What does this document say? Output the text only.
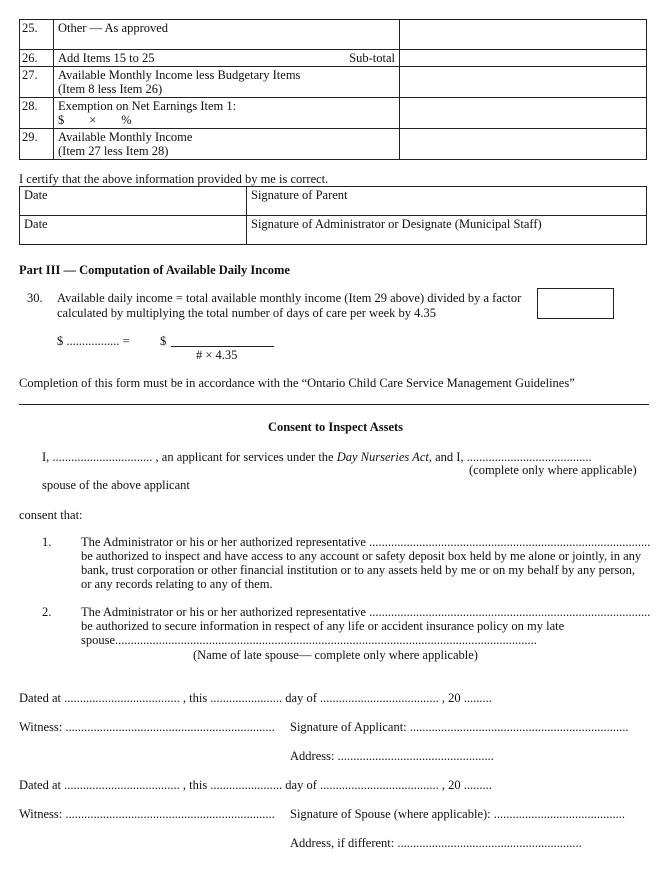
25.	Other — As approved	
26.	Add Items 15 to 25 Sub-total	

27.	Available Monthly Income less Budgetary Items
(Item 8 less Item 26)	

28.	Exemption on Net Earnings Item 1:
$        ×        %	

29.	Available Monthly Income
(Item 27 less Item 28)	

I certify that the above information provided by me is correct.
Date	Signature of Parent
Date	Signature of Administrator or Designate (Municipal Staff)
Part III — Computation of Available Daily Income
30. Available daily income = total available monthly income (Item 29 above) divided by a factor
calculated by multiplying the total number of days of care per week by 4.35
$ ................. = $
# × 4.35
Completion of this form must be in accordance with the “Ontario Child Care Service Management Guidelines”
Consent to Inspect Assets
I, ................................ , an applicant for services under the Day Nurseries Act, and I, ........................................
(complete only where applicable)
spouse of the above applicant
consent that:
1. The Administrator or his or her authorized representative ..........................................................................................
be authorized to inspect and have access to any account or safety deposit box held by me alone or jointly, in any
bank, trust corporation or other financial institution or to any assets held by me or on my behalf by any person,
or any records relating to any of them.
2. The Administrator or his or her authorized representative ..........................................................................................
be authorized to secure information in respect of any life or accident insurance policy on my late
spouse.......................................................................................................................................
(Name of late spouse— complete only where applicable)
Dated at ..................................... , this ....................... day of ...................................... , 20 .........
Witness: ................................................................... Signature of Applicant: ......................................................................
Address: ..................................................
Dated at ..................................... , this ....................... day of ...................................... , 20 .........
Witness: ................................................................... Signature of Spouse (where applicable): ..........................................
Address, if different: ...........................................................
